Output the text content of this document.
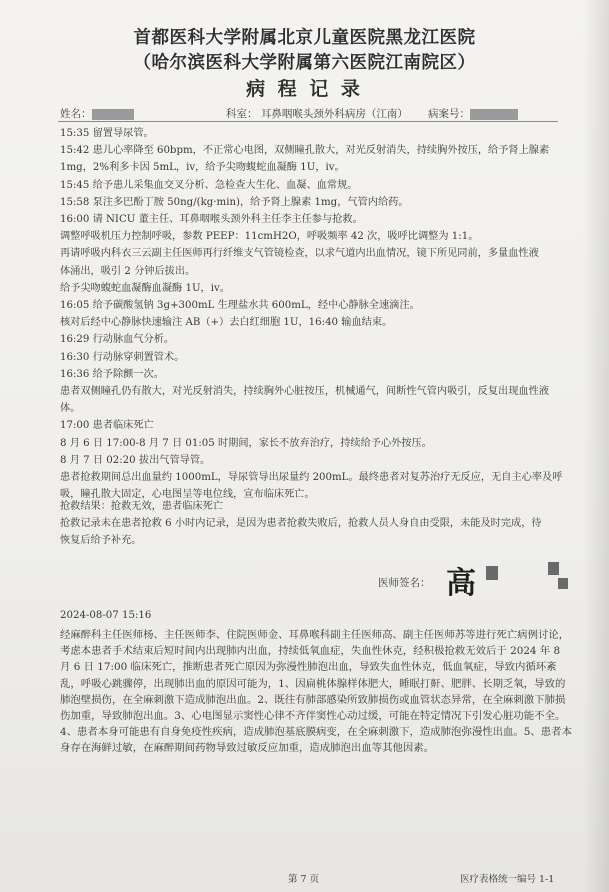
首都医科大学附属北京儿童医院黑龙江医院
（哈尔滨医科大学附属第六医院江南院区）
病 程 记 录
姓名：	科室： 耳鼻咽喉头颈外科病房（江南） 病案号：
15:35 留置导尿管。
15:42 患儿心率降至 60bpm，不正常心电图，双侧瞳孔散大，对光反射消失，持续胸外按压，给予肾上腺素
1mg，2%利多卡因 5mL，iv，给予尖吻蝮蛇血凝酶 1U，iv。
15:45 给予患儿采集血交叉分析、急检查大生化、血凝、血常规。
15:58 泵注多巴酚丁胺 50ng/(kg·min)，给予肾上腺素 1mg，气管内给药。
16:00 请 NICU 董主任、耳鼻咽喉头颈外科主任李主任参与抢救。
调整呼吸机压力控制呼吸，参数 PEEP：11cmH2O，呼吸频率 42 次，吸呼比调整为 1:1。
再请呼吸内科衣三云副主任医师再行纤维支气管镜检查，以求气道内出血情况，镜下所见同前，多量血性液
体涌出，吸引 2 分钟后拔出。
给予尖吻蝮蛇血凝酶血凝酶 1U，iv。
16:05 给予碳酸氢钠 3g+300mL 生理盐水共 600mL，经中心静脉全速滴注。
核对后经中心静脉快速输注 AB（+）去白红细胞 1U，16:40 输血结束。
16:29 行动脉血气分析。
16:30 行动脉穿刺置管术。
16:36 给予除颤一次。
患者双侧瞳孔仍有散大，对光反射消失，持续胸外心脏按压，机械通气，间断性气管内吸引，反复出现血性液
体。
17:00 患者临床死亡
8 月 6 日 17:00-8 月 7 日 01:05 时期间，家长不放弃治疗，持续给予心外按压。
8 月 7 日 02:20 拔出气管导管。
患者抢救期间总出血量约 1000mL，导尿管导出尿量约 200mL。最终患者对复苏治疗无反应，无自主心率及呼
吸，瞳孔散大固定，心电图呈等电位线，宣布临床死亡。
抢救结果：抢救无效，患者临床死亡
抢救记录未在患者抢救 6 小时内记录，是因为患者抢救失败后，抢救人员人身自由受限，未能及时完成，待
恢复后给予补充。
医师签名： 高
2024-08-07 15:16
经麻醉科主任医师杨、主任医师李、住院医师金、耳鼻喉科副主任医师高、副主任医师苏等进行死亡病例讨论，考虑本患者手术结束后短时间内出现肺内出血，持续低氧血症，失血性休克，经积极抢救无效后于 2024 年 8 月 6 日 17:00 临床死亡，推断患者死亡原因为弥漫性肺泡出血，导致失血性休克，低血氧症，导致内循环紊乱，呼吸心跳骤停，出现肺出血的原因可能为，1、因扁桃体腺样体肥大，睡眠打鼾、肥胖、长期乏氧，导致的肺泡壁损伤，在全麻刺激下造成肺泡出血。2、既往有肺部感染所致肺损伤或血管状态异常，在全麻刺激下肺损伤加重，导致肺泡出血。3、心电图显示窦性心律不齐伴窦性心动过缓，可能在特定情况下引发心脏功能不全。4、患者本身可能患有自身免疫性疾病，造成肺泡基底膜病变，在全麻刺激下，造成肺泡弥漫性出血。5、患者本身存在海鲜过敏，在麻醉期间药物导致过敏反应加重，造成肺泡出血等其他因素。
第 7 页	医疗表格统一编号 1-1
